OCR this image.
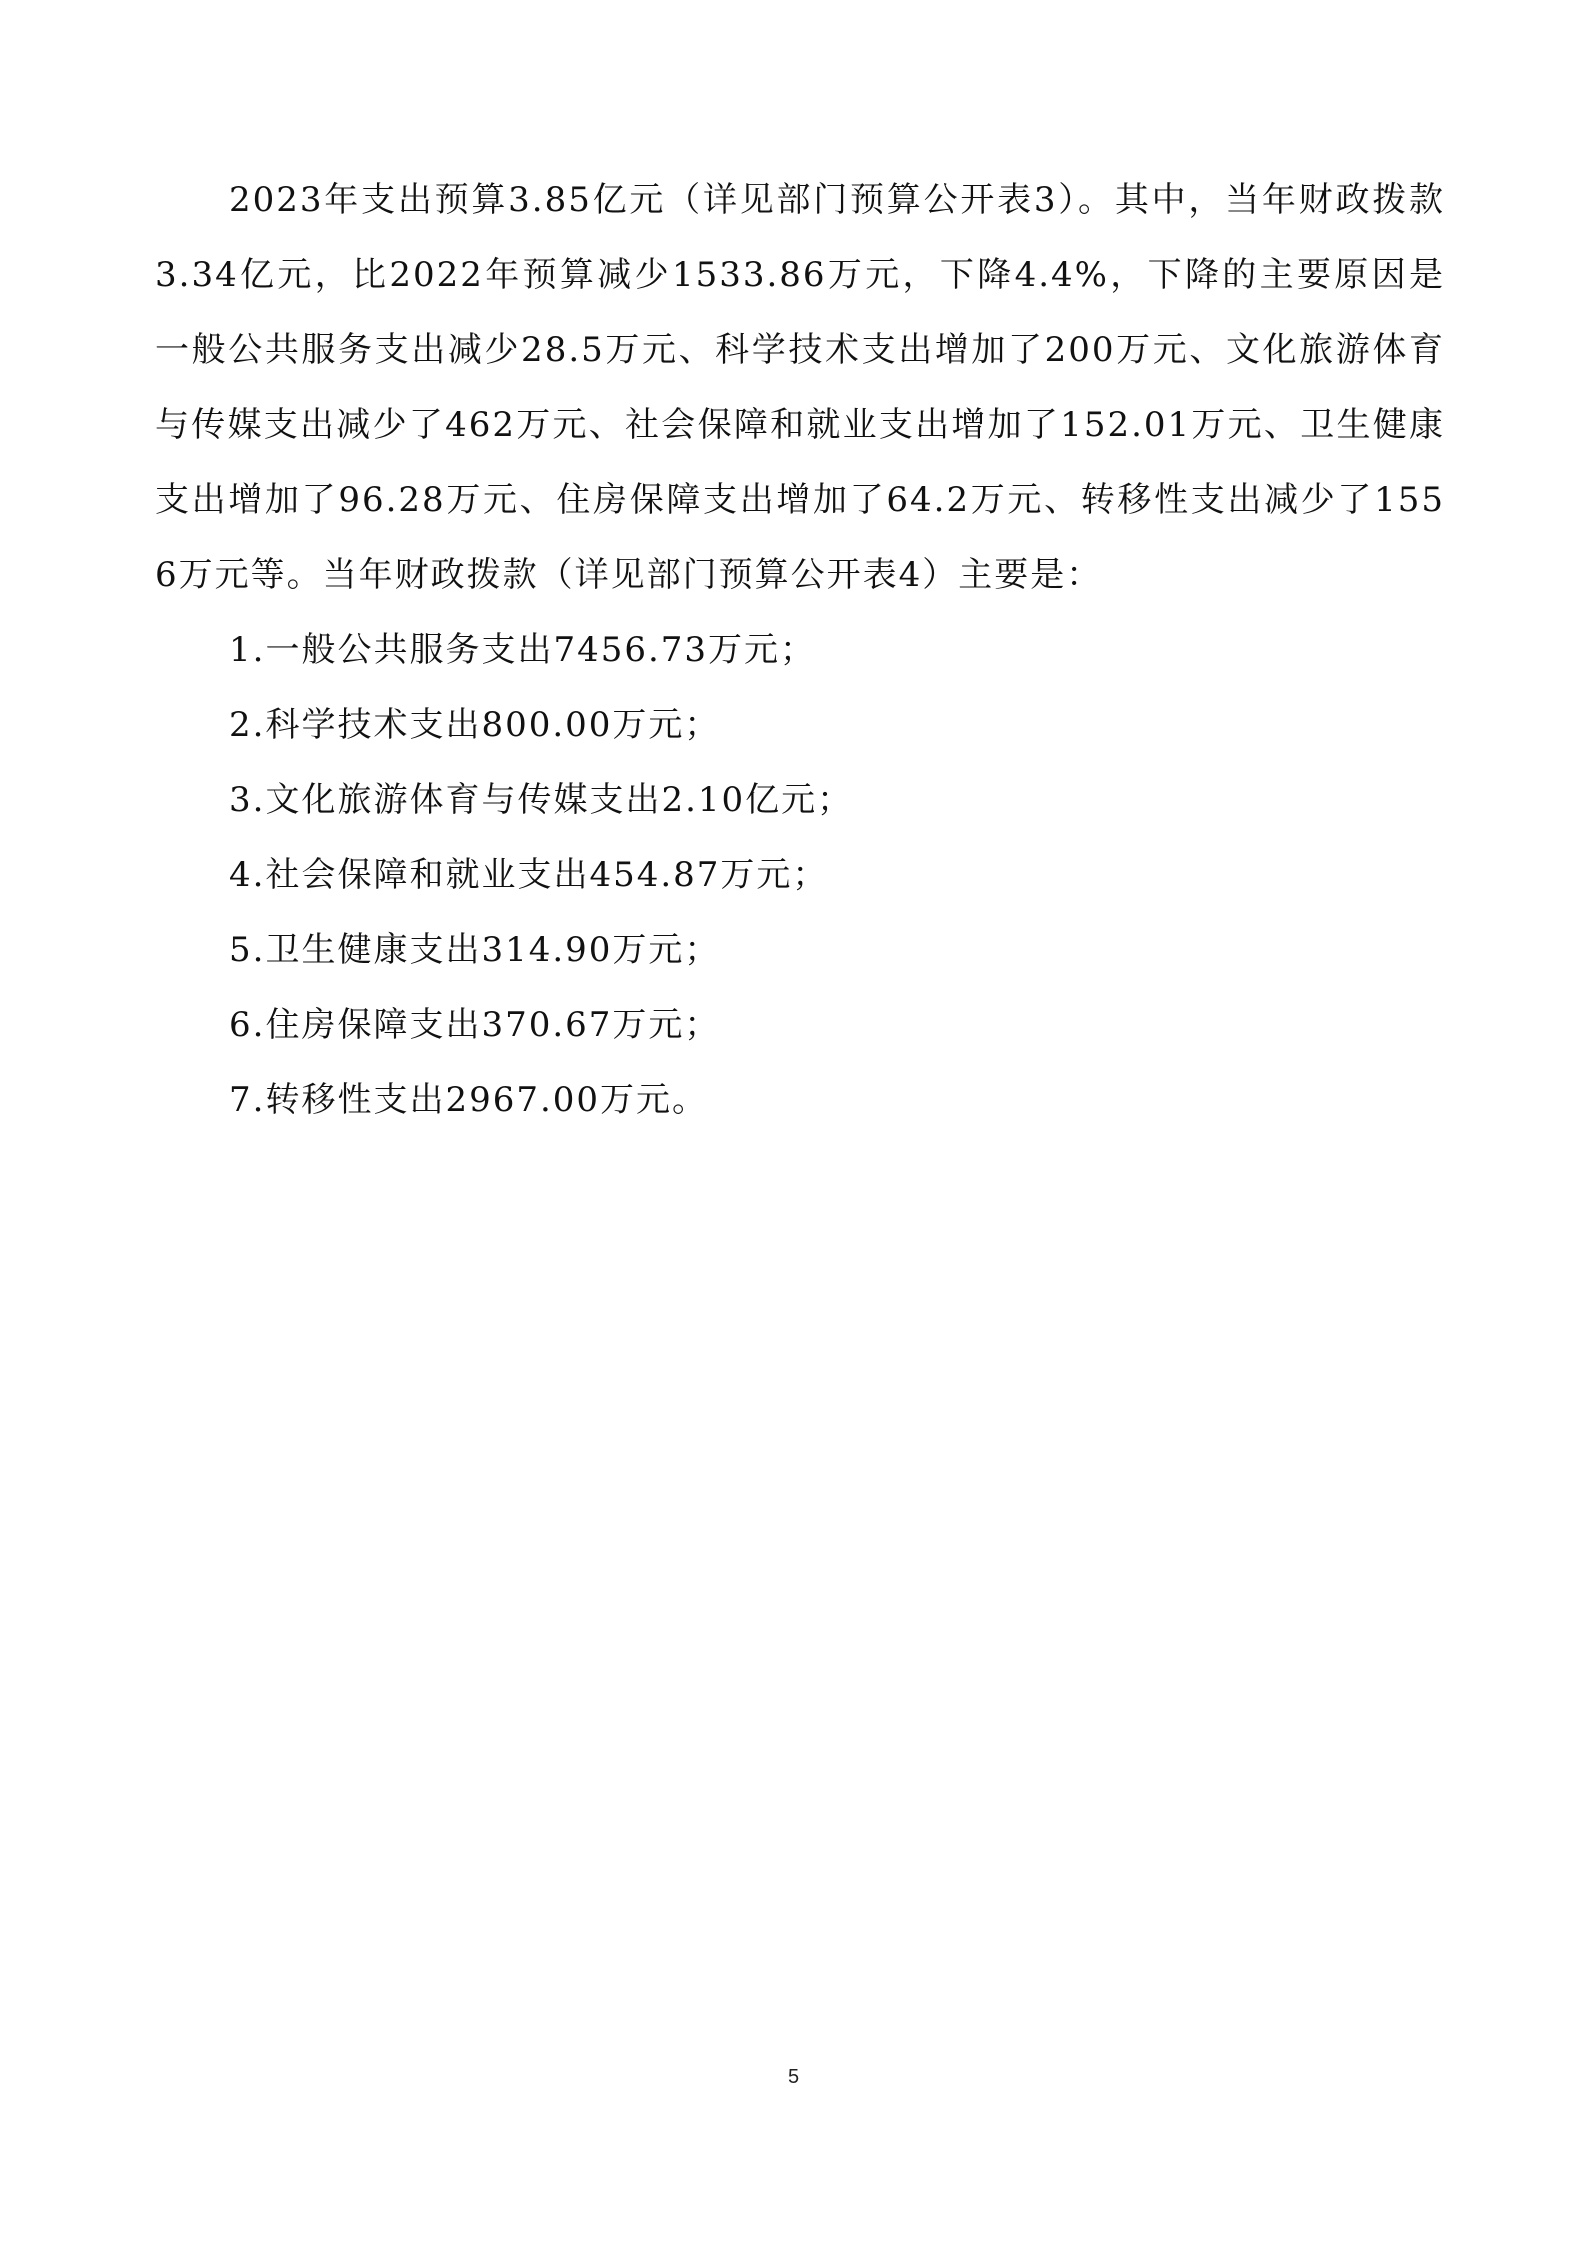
2023年支出预算3.85亿元（详见部门预算公开表3）。其中，当年财政拨款3.34亿元，比2022年预算减少1533.86万元，下降4.4%，下降的主要原因是一般公共服务支出减少28.5万元、科学技术支出增加了200万元、文化旅游体育与传媒支出减少了462万元、社会保障和就业支出增加了152.01万元、卫生健康支出增加了96.28万元、住房保障支出增加了64.2万元、转移性支出减少了1556万元等。当年财政拨款（详见部门预算公开表4）主要是：

1.一般公共服务支出7456.73万元；
2.科学技术支出800.00万元；
3.文化旅游体育与传媒支出2.10亿元；
4.社会保障和就业支出454.87万元；
5.卫生健康支出314.90万元；
6.住房保障支出370.67万元；
7.转移性支出2967.00万元。
5
